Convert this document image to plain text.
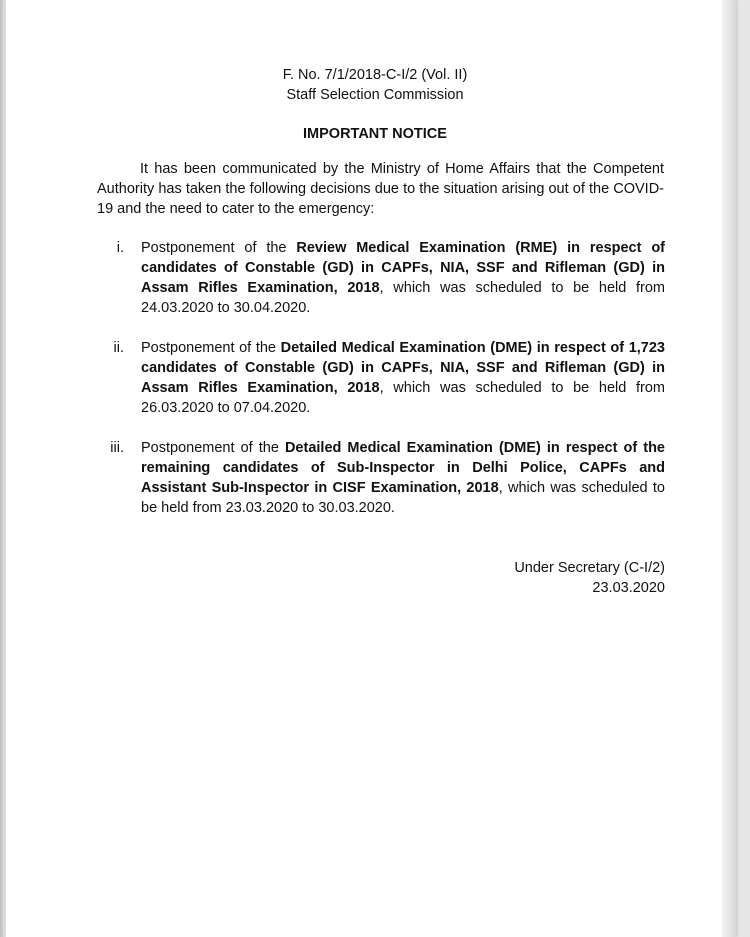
F. No. 7/1/2018-C-I/2 (Vol. II)
Staff Selection Commission
IMPORTANT NOTICE

It has been communicated by the Ministry of Home Affairs that the Competent Authority has taken the following decisions due to the situation arising out of the COVID-19 and the need to cater to the emergency:

i.	Postponement of the Review Medical Examination (RME) in respect of candidates of Constable (GD) in CAPFs, NIA, SSF and Rifleman (GD) in Assam Rifles Examination, 2018, which was scheduled to be held from 24.03.2020 to 30.04.2020.
ii.	Postponement of the Detailed Medical Examination (DME) in respect of 1,723 candidates of Constable (GD) in CAPFs, NIA, SSF and Rifleman (GD) in Assam Rifles Examination, 2018, which was scheduled to be held from 26.03.2020 to 07.04.2020.
iii.	Postponement of the Detailed Medical Examination (DME) in respect of the remaining candidates of Sub-Inspector in Delhi Police, CAPFs and Assistant Sub-Inspector in CISF Examination, 2018, which was scheduled to be held from 23.03.2020 to 30.03.2020.
Under Secretary (C-I/2)
23.03.2020
